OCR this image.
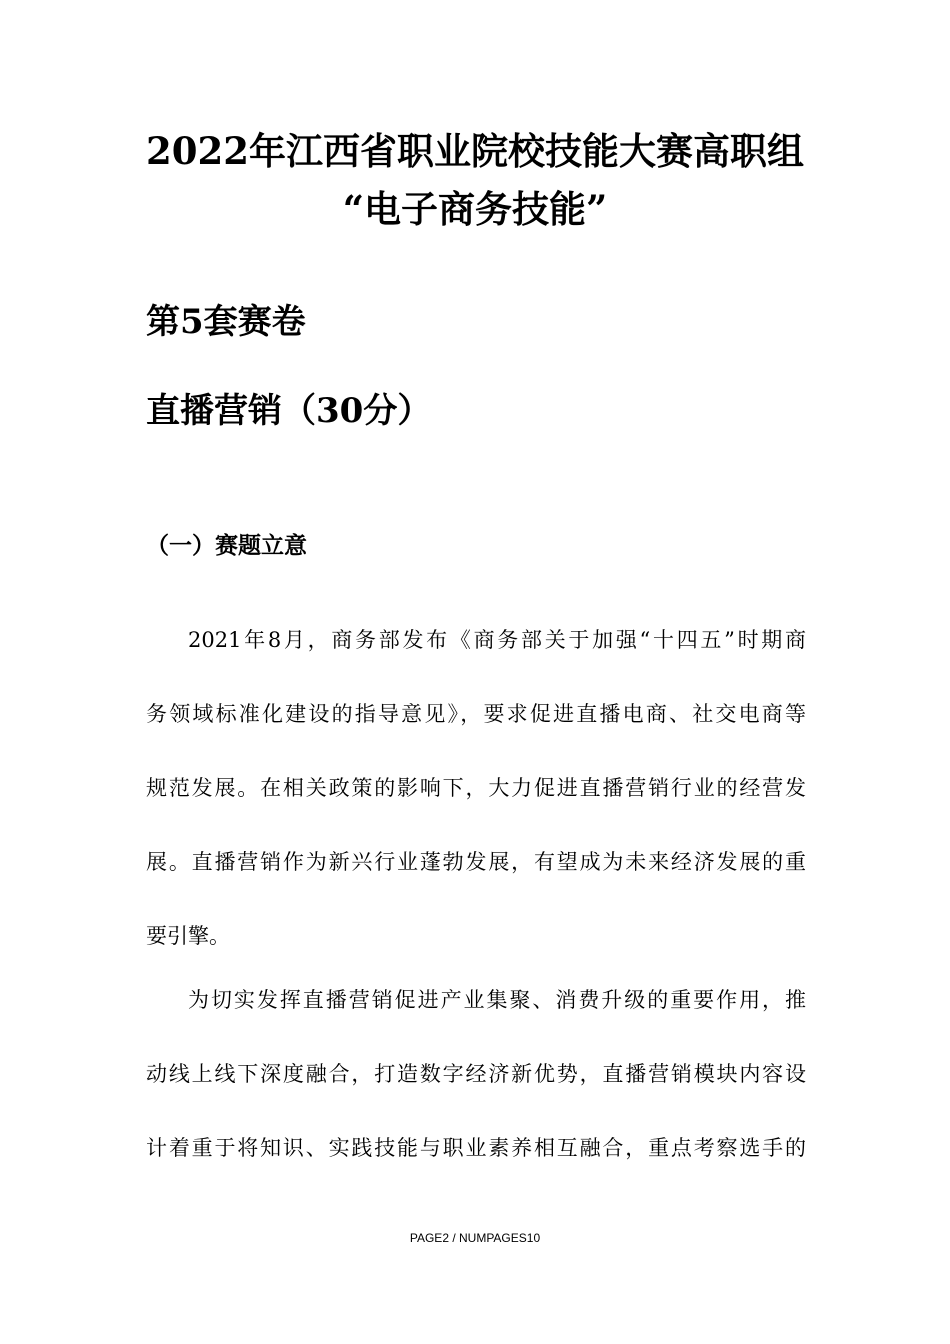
2022年江西省职业院校技能大赛高职组
“电子商务技能”
第5套赛卷
直播营销（30分）
（一）赛题立意
2021年8月，商务部发布《商务部关于加强“十四五”时期商
务领域标准化建设的指导意见》，要求促进直播电商、社交电商等
规范发展。在相关政策的影响下，大力促进直播营销行业的经营发
展。直播营销作为新兴行业蓬勃发展，有望成为未来经济发展的重
要引擎。
为切实发挥直播营销促进产业集聚、消费升级的重要作用，推
动线上线下深度融合，打造数字经济新优势，直播营销模块内容设
计着重于将知识、实践技能与职业素养相互融合，重点考察选手的
PAGE2 / NUMPAGES10
